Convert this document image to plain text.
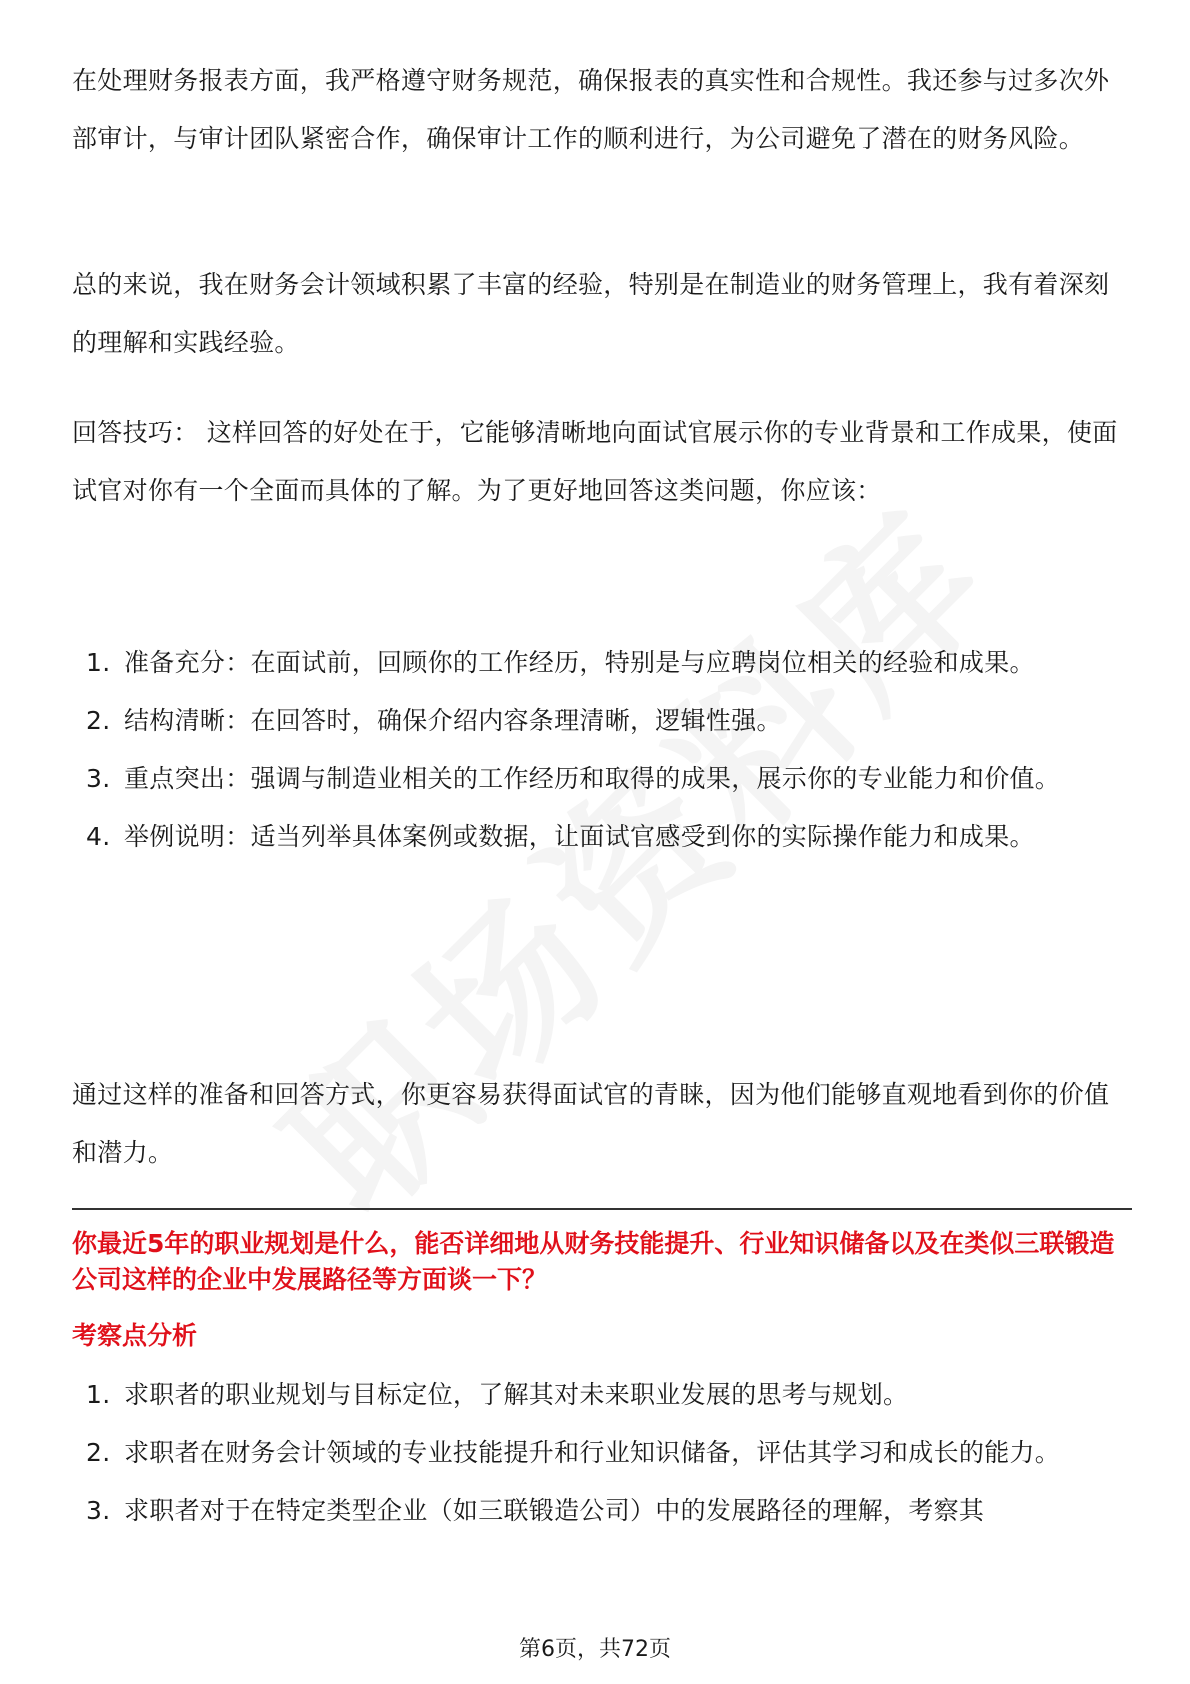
在处理财务报表方面，我严格遵守财务规范，确保报表的真实性和合规性。我还参与过多次外部审计，与审计团队紧密合作，确保审计工作的顺利进行，为公司避免了潜在的财务风险。

总的来说，我在财务会计领域积累了丰富的经验，特别是在制造业的财务管理上，我有着深刻的理解和实践经验。

回答技巧： 这样回答的好处在于，它能够清晰地向面试官展示你的专业背景和工作成果，使面试官对你有一个全面而具体的了解。为了更好地回答这类问题，你应该：

1. 准备充分：在面试前，回顾你的工作经历，特别是与应聘岗位相关的经验和成果。
2. 结构清晰：在回答时，确保介绍内容条理清晰，逻辑性强。
3. 重点突出：强调与制造业相关的工作经历和取得的成果，展示你的专业能力和价值。
4. 举例说明：适当列举具体案例或数据，让面试官感受到你的实际操作能力和成果。

通过这样的准备和回答方式，你更容易获得面试官的青睐，因为他们能够直观地看到你的价值和潜力。

你最近5年的职业规划是什么，能否详细地从财务技能提升、行业知识储备以及在类似三联锻造公司这样的企业中发展路径等方面谈一下？

考察点分析

1. 求职者的职业规划与目标定位，了解其对未来职业发展的思考与规划。
2. 求职者在财务会计领域的专业技能提升和行业知识储备，评估其学习和成长的能力。
3. 求职者对于在特定类型企业（如三联锻造公司）中的发展路径的理解，考察其
第6页，共72页
